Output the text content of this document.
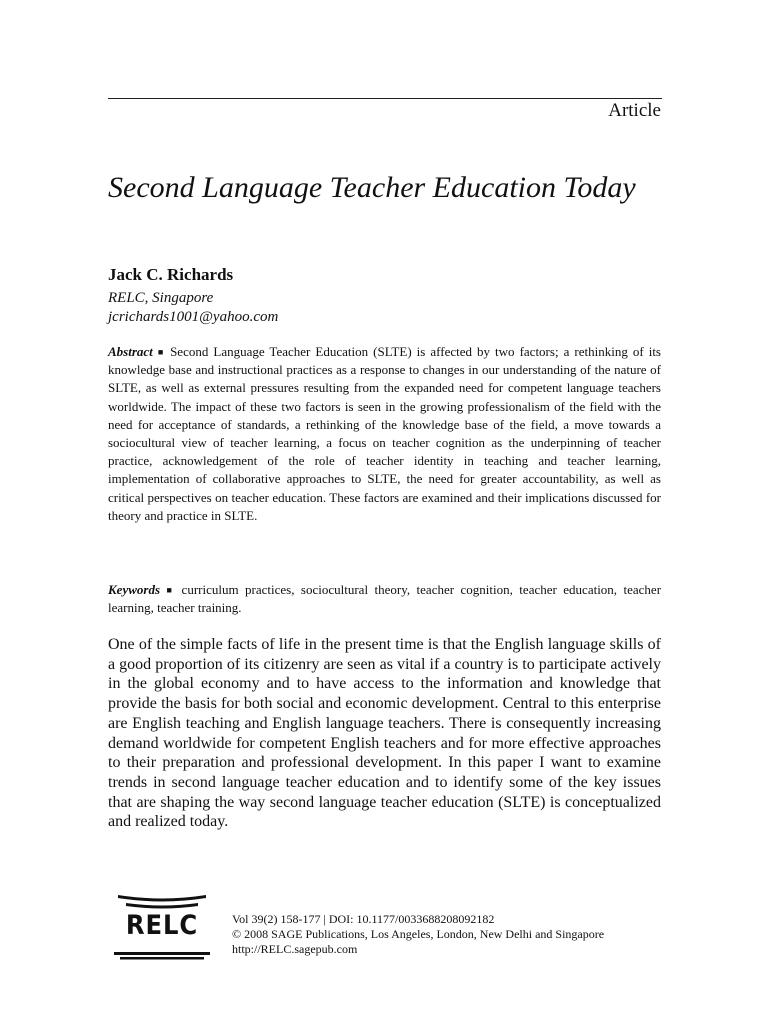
Article
Second Language Teacher Education Today
Jack C. Richards
RELC, Singapore
jcrichards1001@yahoo.com

Abstract ■ Second Language Teacher Education (SLTE) is affected by two factors; a rethinking of its knowledge base and instructional practices as a response to changes in our understanding of the nature of SLTE, as well as external pressures resulting from the expanded need for competent language teachers worldwide. The impact of these two factors is seen in the growing professionalism of the field with the need for acceptance of standards, a rethinking of the knowledge base of the field, a move towards a sociocultural view of teacher learning, a focus on teacher cognition as the underpinning of teacher practice, acknowledgement of the role of teacher identity in teaching and teacher learning, implementation of collaborative approaches to SLTE, the need for greater accountability, as well as critical perspectives on teacher education. These factors are examined and their implications discussed for theory and practice in SLTE.

Keywords ■ curriculum practices, sociocultural theory, teacher cognition, teacher education, teacher learning, teacher training.

One of the simple facts of life in the present time is that the English language skills of a good proportion of its citizenry are seen as vital if a country is to participate actively in the global economy and to have access to the information and knowledge that provide the basis for both social and economic development. Central to this enterprise are English teaching and English language teachers. There is consequently increasing demand worldwide for competent English teachers and for more effective approaches to their preparation and professional development. In this paper I want to examine trends in second language teacher education and to identify some of the key issues that are shaping the way second language teacher education (SLTE) is conceptualized and realized today.

RELC	Vol 39(2) 158-177 | DOI: 10.1177/0033688208092182
© 2008 SAGE Publications, Los Angeles, London, New Delhi and Singapore
http://RELC.sagepub.com
